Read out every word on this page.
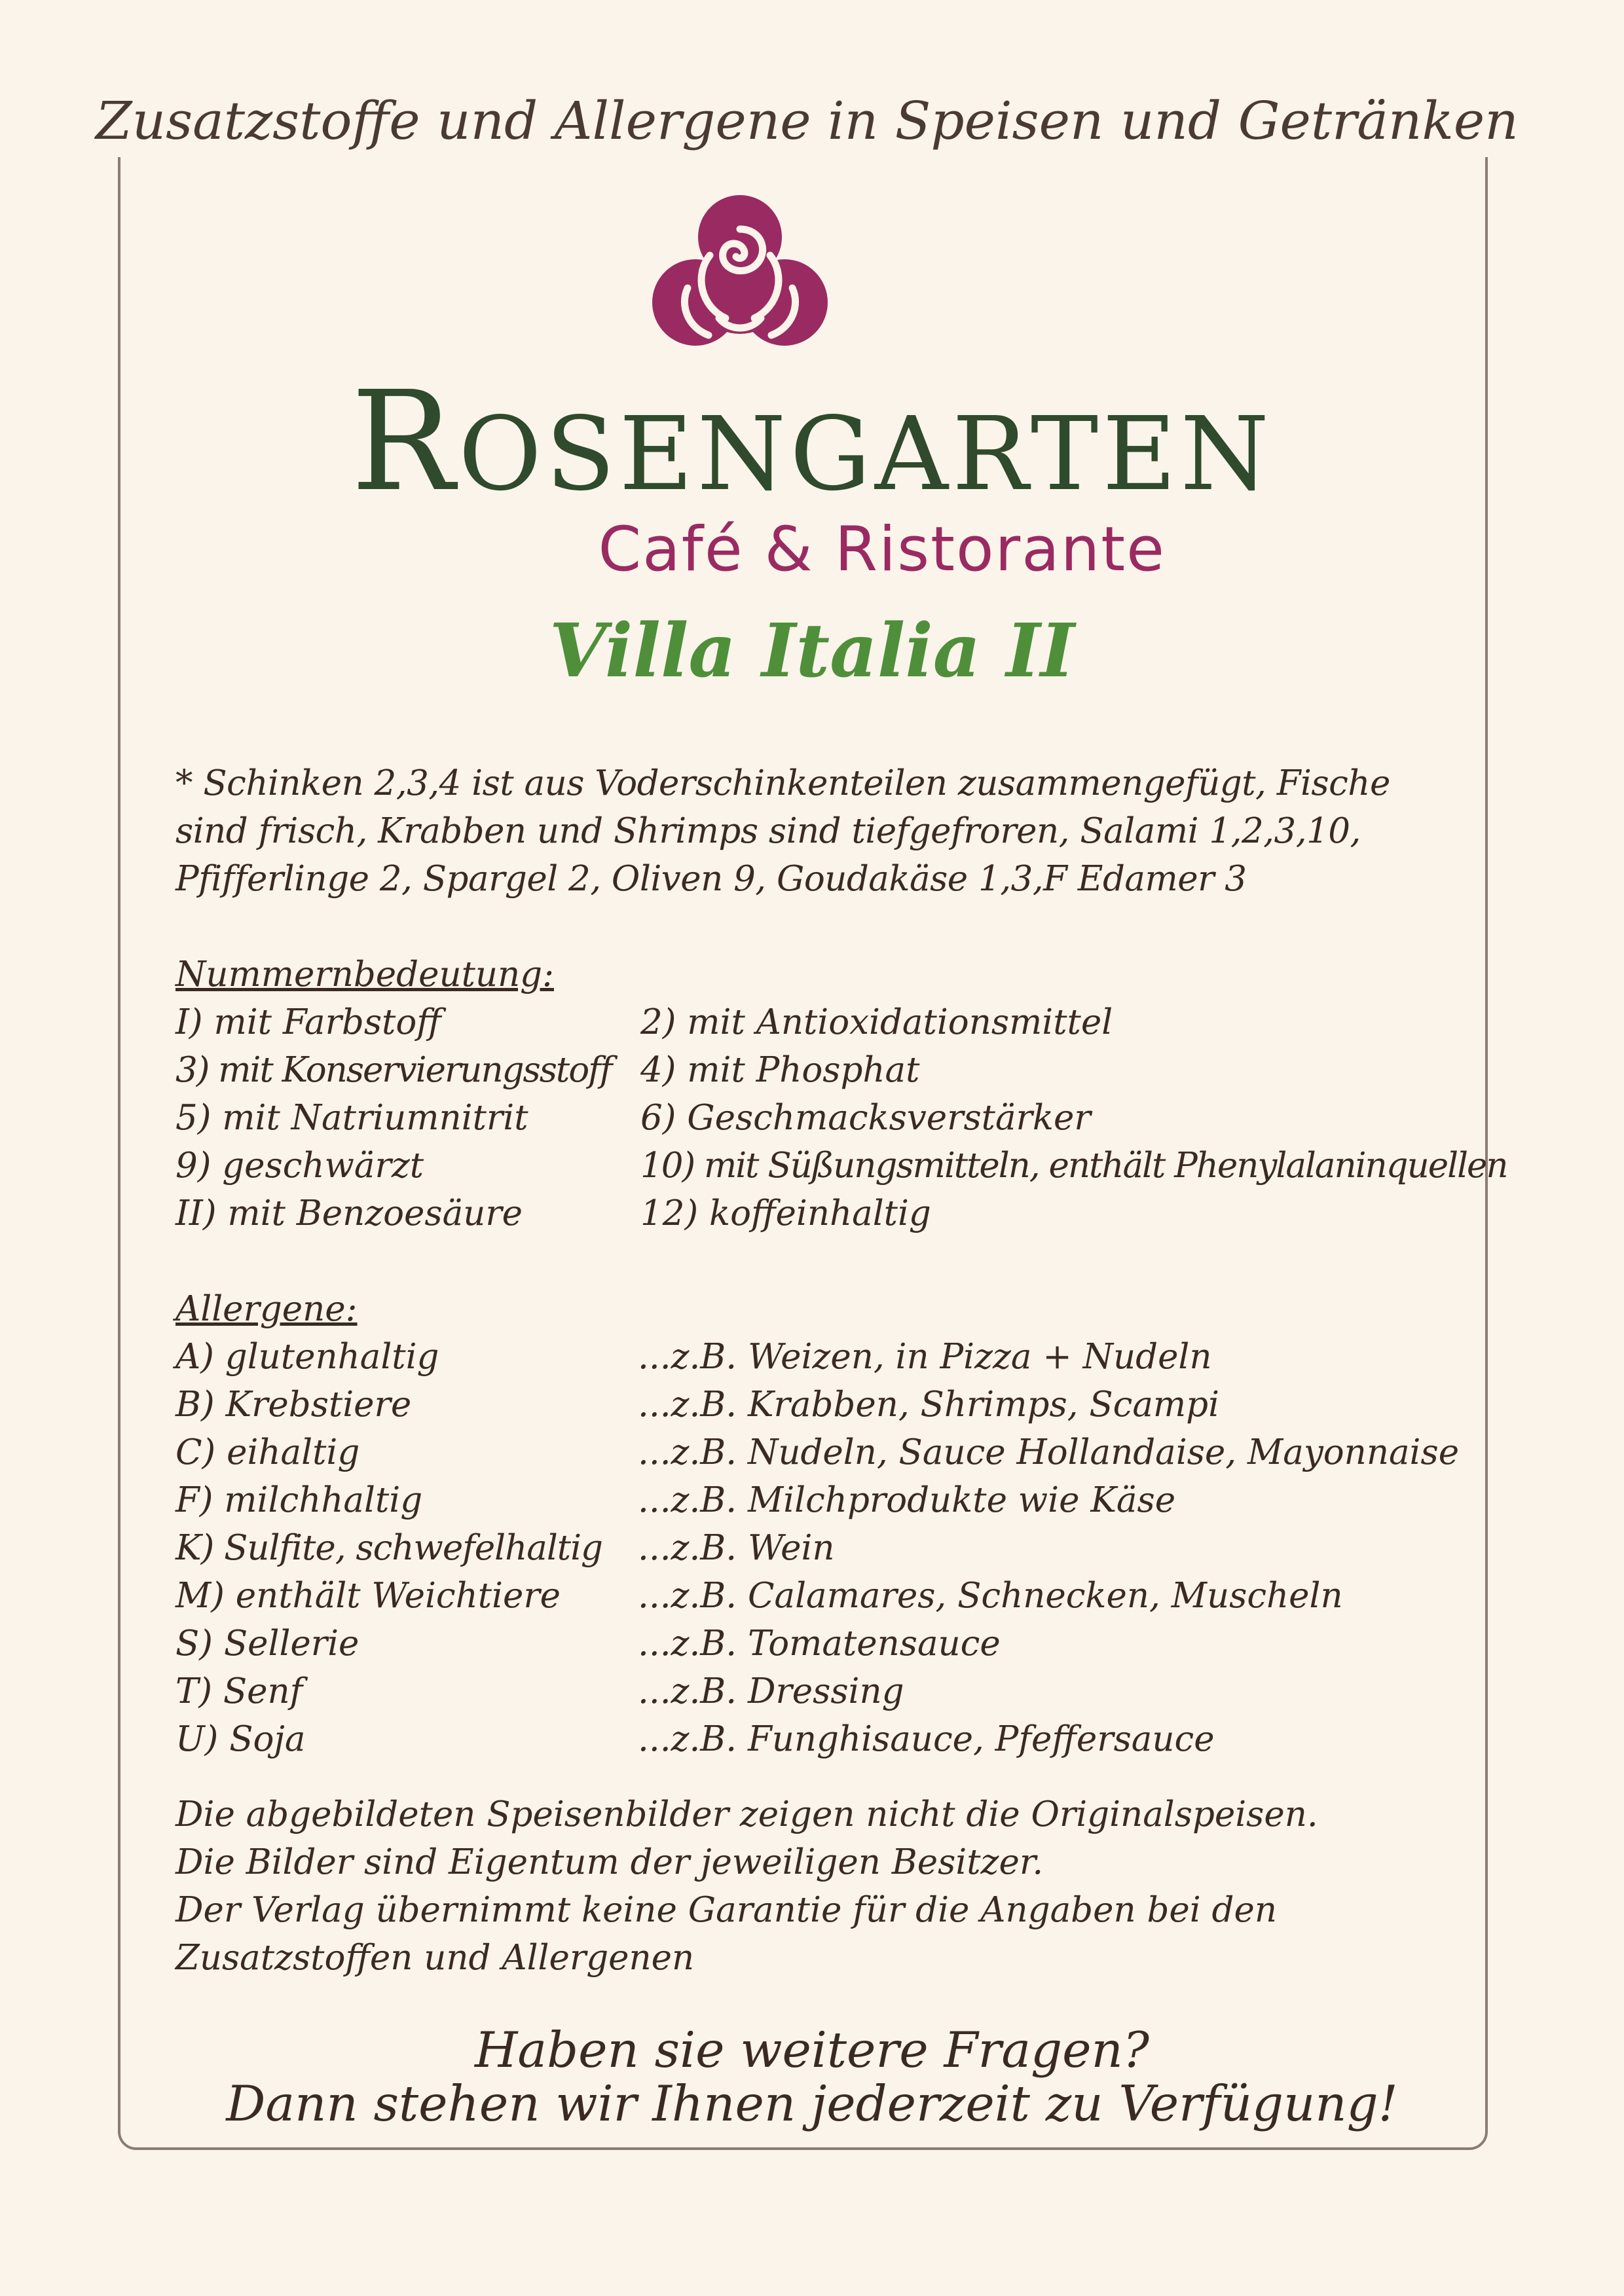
Zusatzstoffe und Allergene in Speisen und Getränken
ROSENGARTEN
Café & Ristorante
Villa Italia II

* Schinken 2,3,4 ist aus Voderschinkenteilen zusammengefügt, Fische sind frisch, Krabben und Shrimps sind tiefgefroren, Salami 1,2,3,10, Pfifferlinge 2, Spargel 2, Oliven 9, Goudakäse 1,3,F Edamer 3

Nummernbedeutung:

I) mit Farbstoff	2) mit Antioxidationsmittel
3) mit Konservierungsstoff 4) mit Phosphat
5) mit Natriumnitrit	6) Geschmacksverstärker
9) geschwärzt	10) mit Süßungsmitteln, enthält Phenylalaninquellen
II) mit Benzoesäure	12) koffeinhaltig

Allergene:

A) glutenhaltig	...z.B. Weizen, in Pizza + Nudeln
B) Krebstiere	...z.B. Krabben, Shrimps, Scampi
C) eihaltig	...z.B. Nudeln, Sauce Hollandaise, Mayonnaise
F) milchhaltig	...z.B. Milchprodukte wie Käse
K) Sulfite, schwefelhaltig	...z.B. Wein
M) enthält Weichtiere	...z.B. Calamares, Schnecken, Muscheln
S) Sellerie	...z.B. Tomatensauce
T) Senf	...z.B. Dressing
U) Soja	...z.B. Funghisauce, Pfeffersauce

Die abgebildeten Speisenbilder zeigen nicht die Originalspeisen.

Die Bilder sind Eigentum der jeweiligen Besitzer.

Der Verlag übernimmt keine Garantie für die Angaben bei den

Zusatzstoffen und Allergenen

Haben sie weitere Fragen?
Dann stehen wir Ihnen jederzeit zu Verfügung!
